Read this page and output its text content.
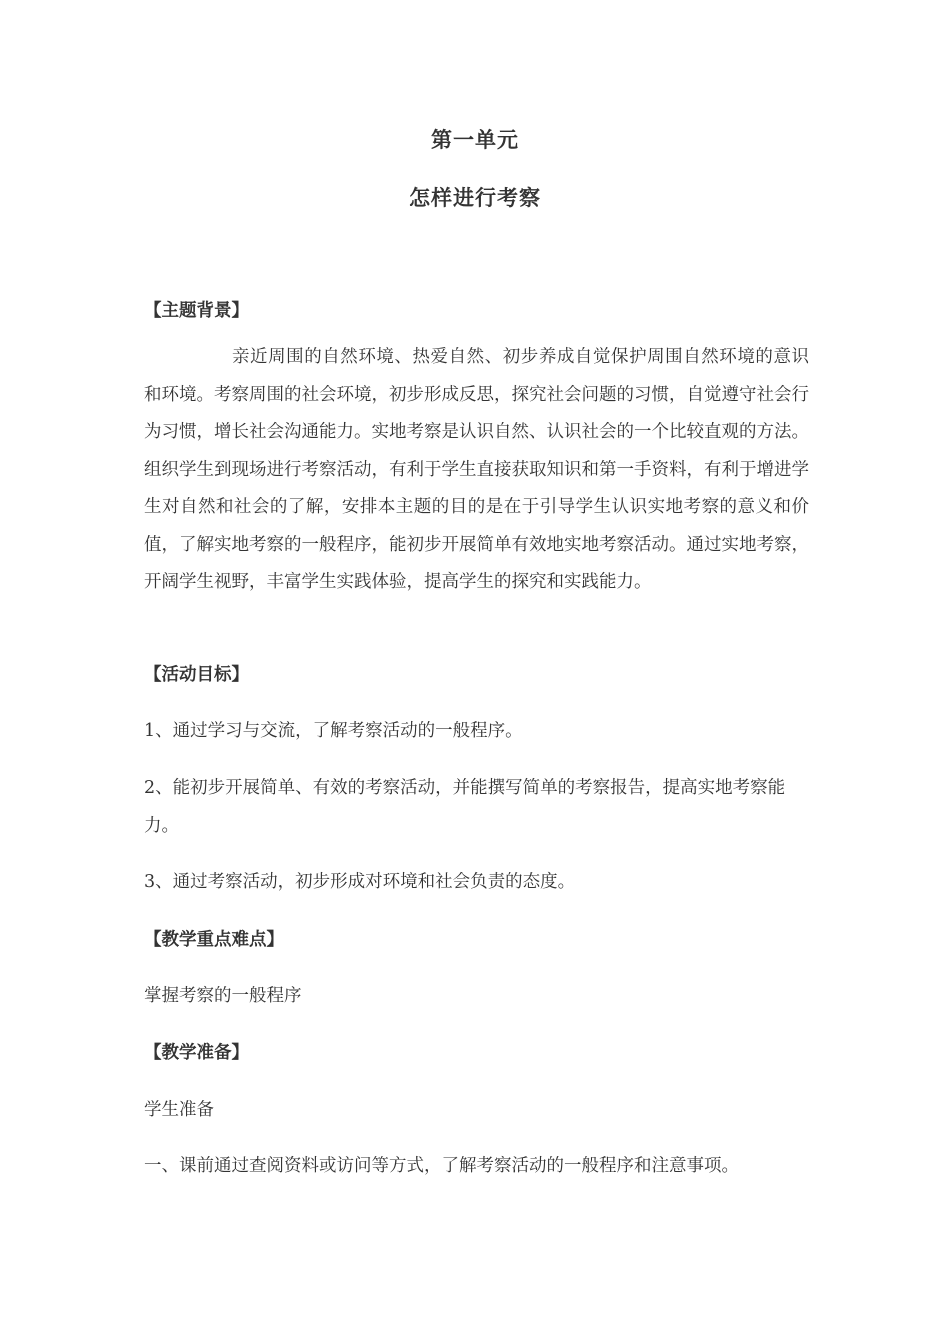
第一单元
怎样进行考察
【主题背景】

亲近周围的自然环境、热爱自然、初步养成自觉保护周围自然环境的意识和环境。考察周围的社会环境，初步形成反思，探究社会问题的习惯，自觉遵守社会行为习惯，增长社会沟通能力。实地考察是认识自然、认识社会的一个比较直观的方法。组织学生到现场进行考察活动，有利于学生直接获取知识和第一手资料，有利于增进学生对自然和社会的了解，安排本主题的目的是在于引导学生认识实地考察的意义和价值，了解实地考察的一般程序，能初步开展简单有效地实地考察活动。通过实地考察，开阔学生视野，丰富学生实践体验，提高学生的探究和实践能力。

【活动目标】
1、通过学习与交流，了解考察活动的一般程序。
2、能初步开展简单、有效的考察活动，并能撰写简单的考察报告，提高实地考察能力。
3、通过考察活动，初步形成对环境和社会负责的态度。
【教学重点难点】
掌握考察的一般程序
【教学准备】
学生准备
一、课前通过查阅资料或访问等方式，了解考察活动的一般程序和注意事项。
